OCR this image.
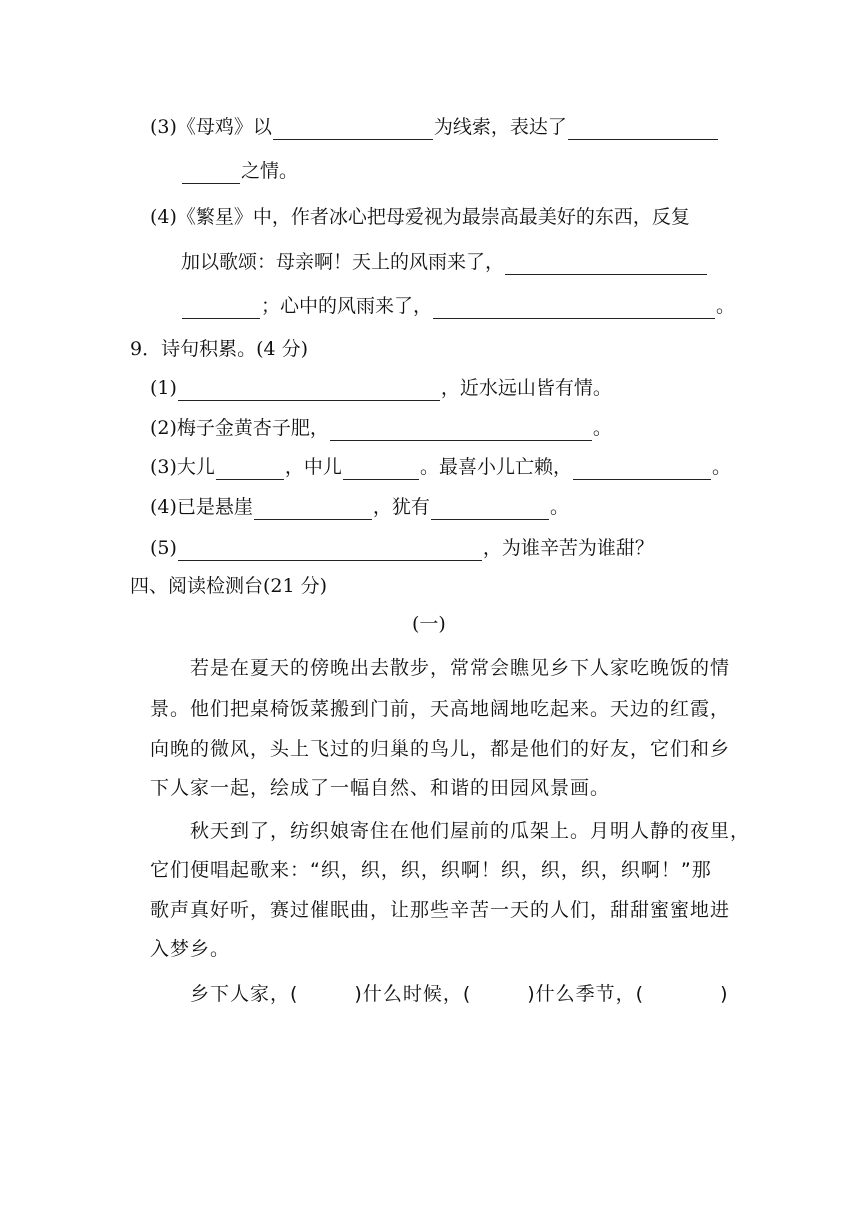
(3)《母鸡》以	为线索，表达了
之情。
(4)《繁星》中，作者冰心把母爱视为最崇高最美好的东西，反复
加以歌颂：母亲啊！天上的风雨来了，
；心中的风雨来了，	。
9．诗句积累。(4 分)
(1)	，近水远山皆有情。
(2)梅子金黄杏子肥，	。
(3)大儿	，中儿	。最喜小儿亡赖，	。
(4)已是悬崖	，犹有	。
(5)	，为谁辛苦为谁甜？
四、阅读检测台(21 分)
(一)
若是在夏天的傍晚出去散步，常常会瞧见乡下人家吃晚饭的情
景。他们把桌椅饭菜搬到门前，天高地阔地吃起来。天边的红霞，
向晚的微风，头上飞过的归巢的鸟儿，都是他们的好友，它们和乡
下人家一起，绘成了一幅自然、和谐的田园风景画。
秋天到了，纺织娘寄住在他们屋前的瓜架上。月明人静的夜里，
它们便唱起歌来：“织，织，织，织啊！织，织，织，织啊！”那
歌声真好听，赛过催眠曲，让那些辛苦一天的人们，甜甜蜜蜜地进
入梦乡。
乡下人家，(	)什么时候，(	)什么季节，(	)
